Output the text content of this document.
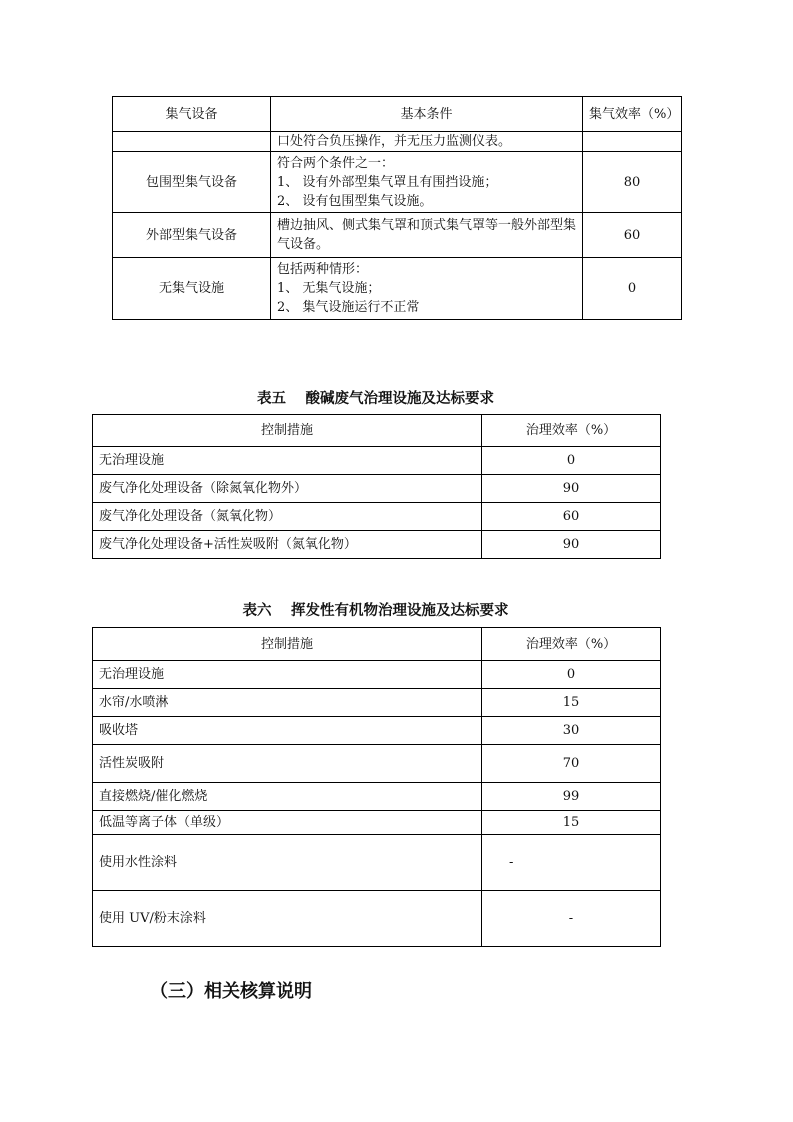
集气设备	基本条件	集气效率（%）
	口处符合负压操作，并无压力监测仪表。	
包围型集气设备	符合两个条件之一：
1、 设有外部型集气罩且有围挡设施；
2、 设有包围型集气设施。	80
外部型集气设备	槽边抽风、侧式集气罩和顶式集气罩等一般外部型集气设备。	60
无集气设施	包括两种情形：
1、 无集气设施；
2、 集气设施运行不正常	0
表五　 酸碱废气治理设施及达标要求
控制措施	治理效率（%）
无治理设施	0
废气净化处理设备（除氮氧化物外）	90
废气净化处理设备（氮氧化物）	60
废气净化处理设备+活性炭吸附（氮氧化物）	90
表六　 挥发性有机物治理设施及达标要求
控制措施	治理效率（%）
无治理设施	0
水帘/水喷淋	15
吸收塔	30
活性炭吸附	70
直接燃烧/催化燃烧	99
低温等离子体（单级）	15
使用水性涂料	-
使用 UV/粉末涂料	-
（三）相关核算说明
